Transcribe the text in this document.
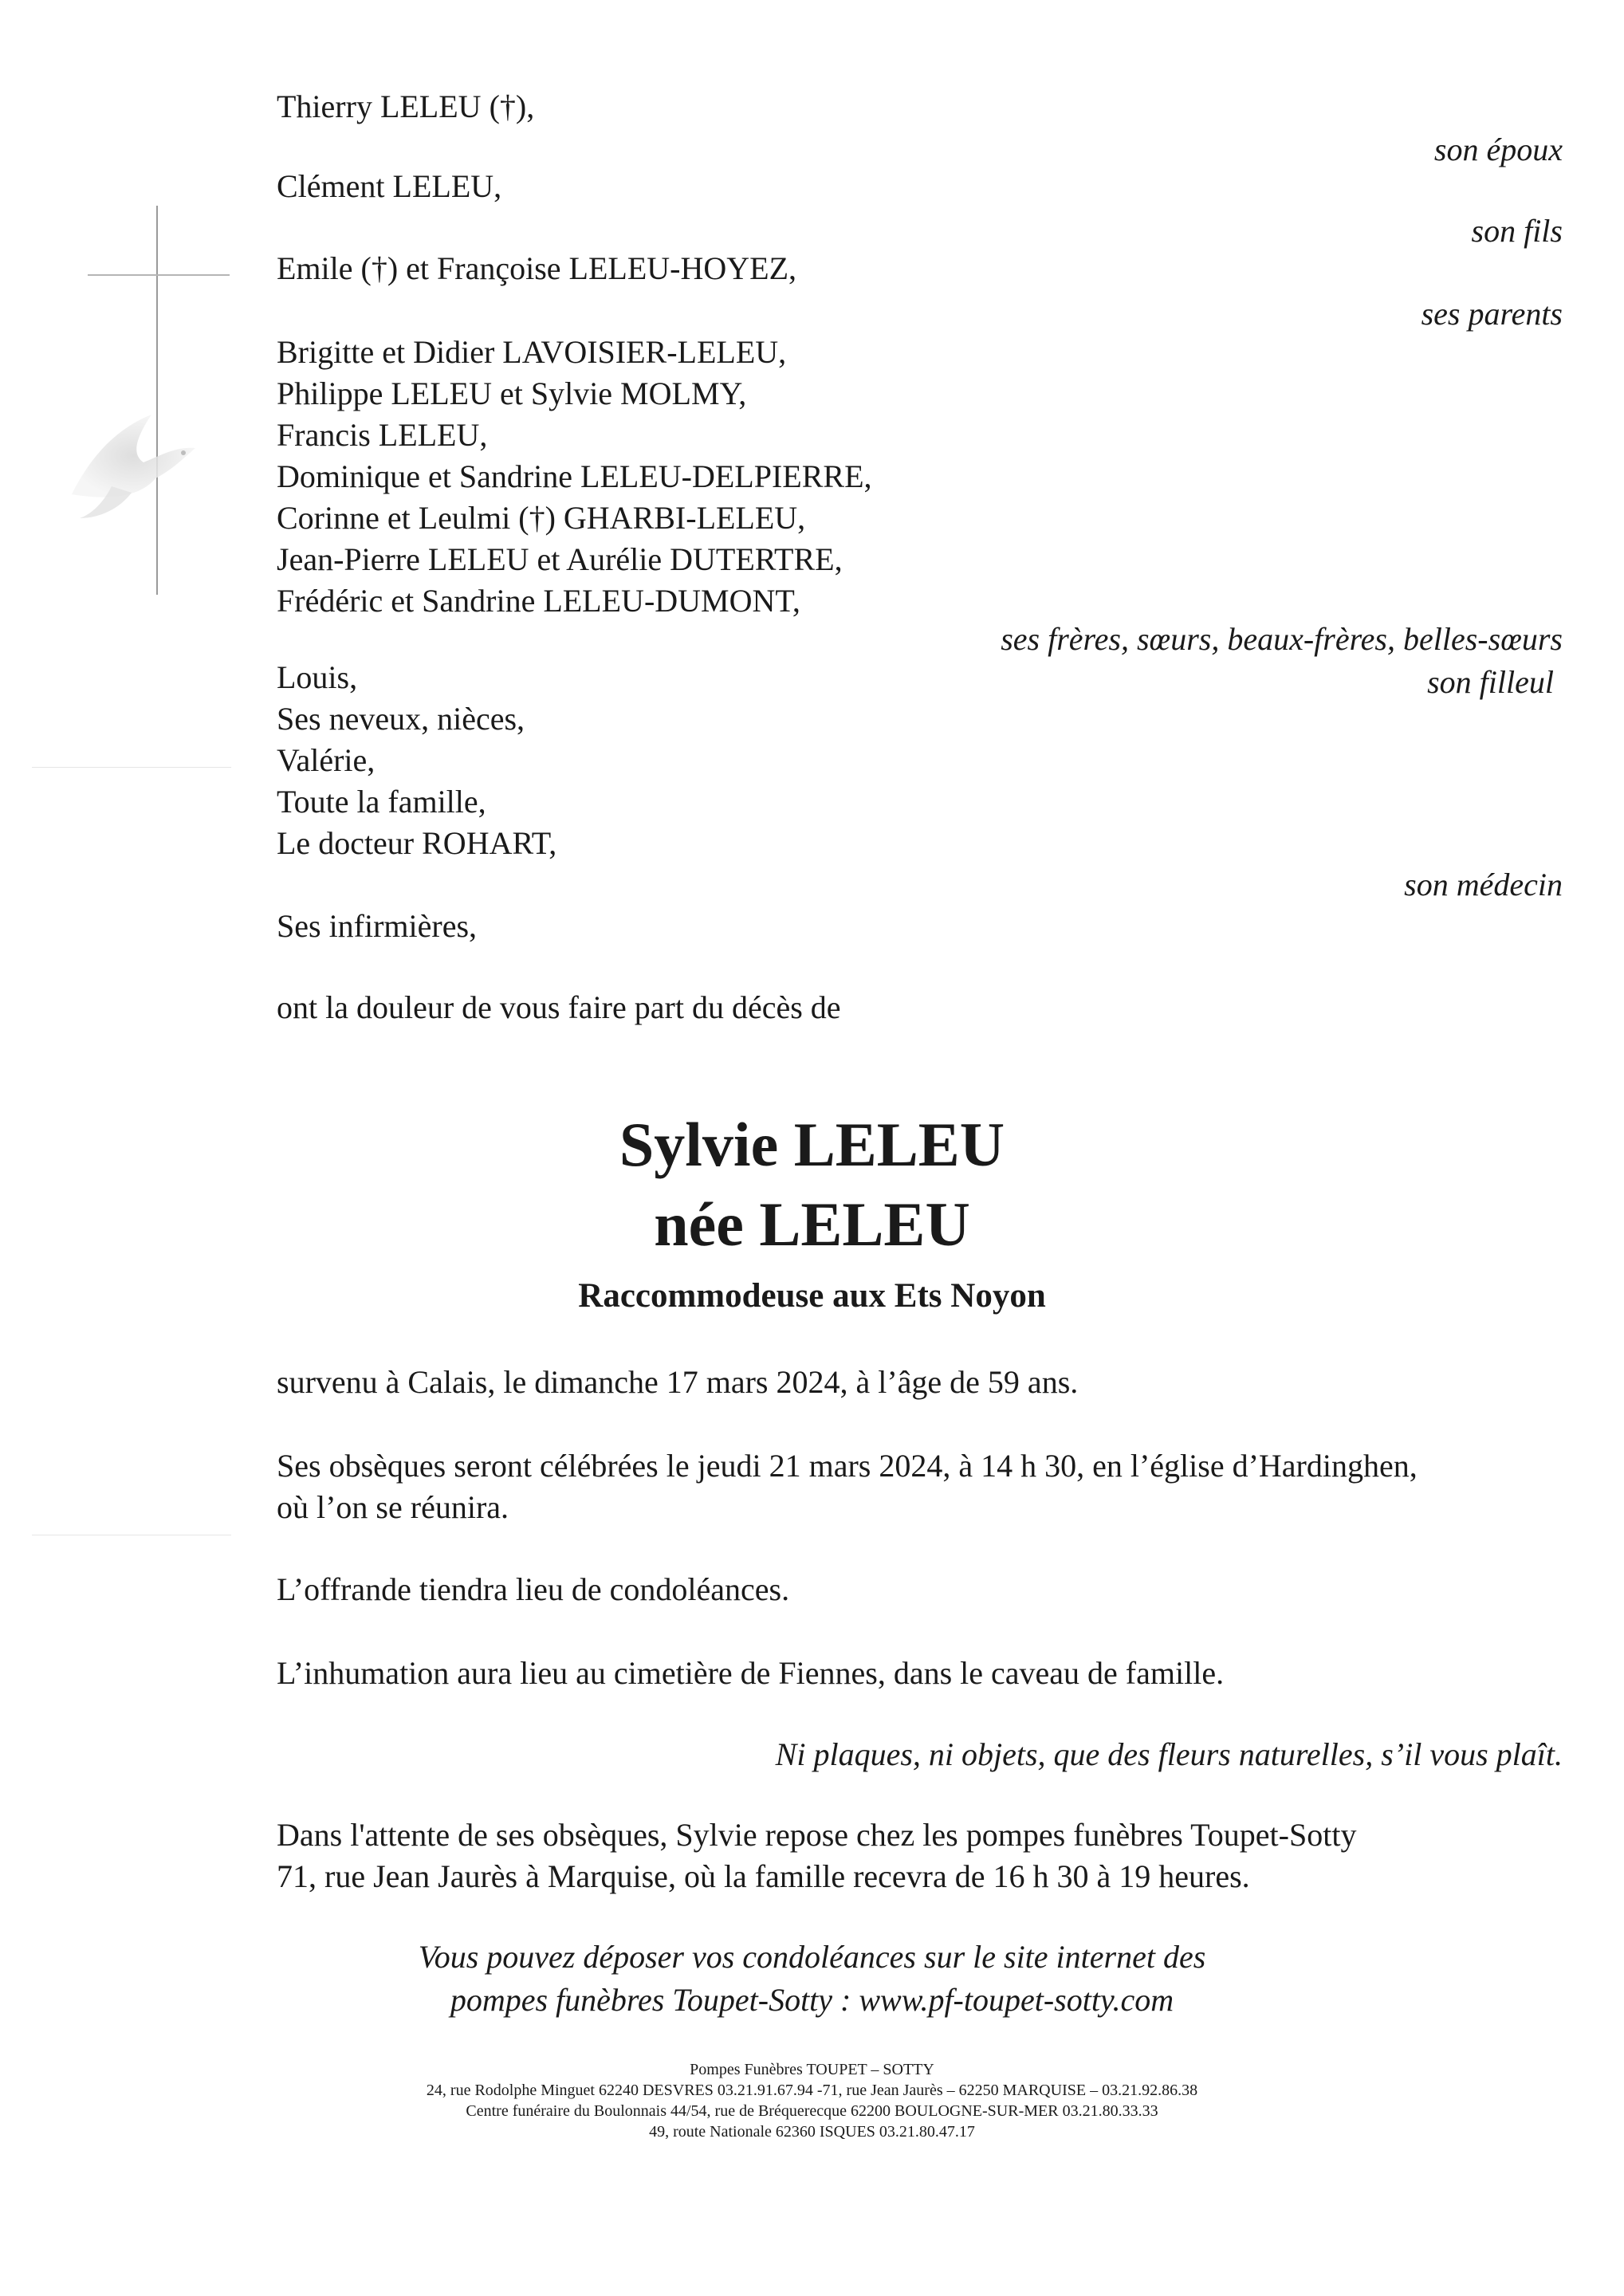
Thierry LELEU (†),
Clément LELEU,
Emile (†) et Françoise LELEU-HOYEZ,
Brigitte et Didier LAVOISIER-LELEU,
Philippe LELEU et Sylvie MOLMY,
Francis LELEU,
Dominique et Sandrine LELEU-DELPIERRE,
Corinne et Leulmi (†) GHARBI-LELEU,
Jean-Pierre LELEU et Aurélie DUTERTRE,
Frédéric et Sandrine LELEU-DUMONT,
Louis,
Ses neveux, nièces,
Valérie,
Toute la famille,
Le docteur ROHART,
Ses infirmières,
son époux
son fils
ses parents
ses frères, sœurs, beaux-frères, belles-sœurs
son filleul
son médecin
ont la douleur de vous faire part du décès de
Sylvie LELEU
née LELEU
Raccommodeuse aux Ets Noyon
survenu à Calais, le dimanche 17 mars 2024, à l’âge de 59 ans.
Ses obsèques seront célébrées le jeudi 21 mars 2024, à 14 h 30, en l’église d’Hardinghen,
où l’on se réunira.
L’offrande tiendra lieu de condoléances.
L’inhumation aura lieu au cimetière de Fiennes, dans le caveau de famille.
Ni plaques, ni objets, que des fleurs naturelles, s’il vous plaît.
Dans l'attente de ses obsèques, Sylvie repose chez les pompes funèbres Toupet-Sotty
71, rue Jean Jaurès à Marquise, où la famille recevra de 16 h 30 à 19 heures.
Vous pouvez déposer vos condoléances sur le site internet des
pompes funèbres Toupet-Sotty : www.pf-toupet-sotty.com
Pompes Funèbres TOUPET – SOTTY
24, rue Rodolphe Minguet 62240 DESVRES 03.21.91.67.94 -71, rue Jean Jaurès – 62250 MARQUISE – 03.21.92.86.38
Centre funéraire du Boulonnais 44/54, rue de Bréquerecque 62200 BOULOGNE-SUR-MER 03.21.80.33.33
49, route Nationale 62360 ISQUES 03.21.80.47.17
